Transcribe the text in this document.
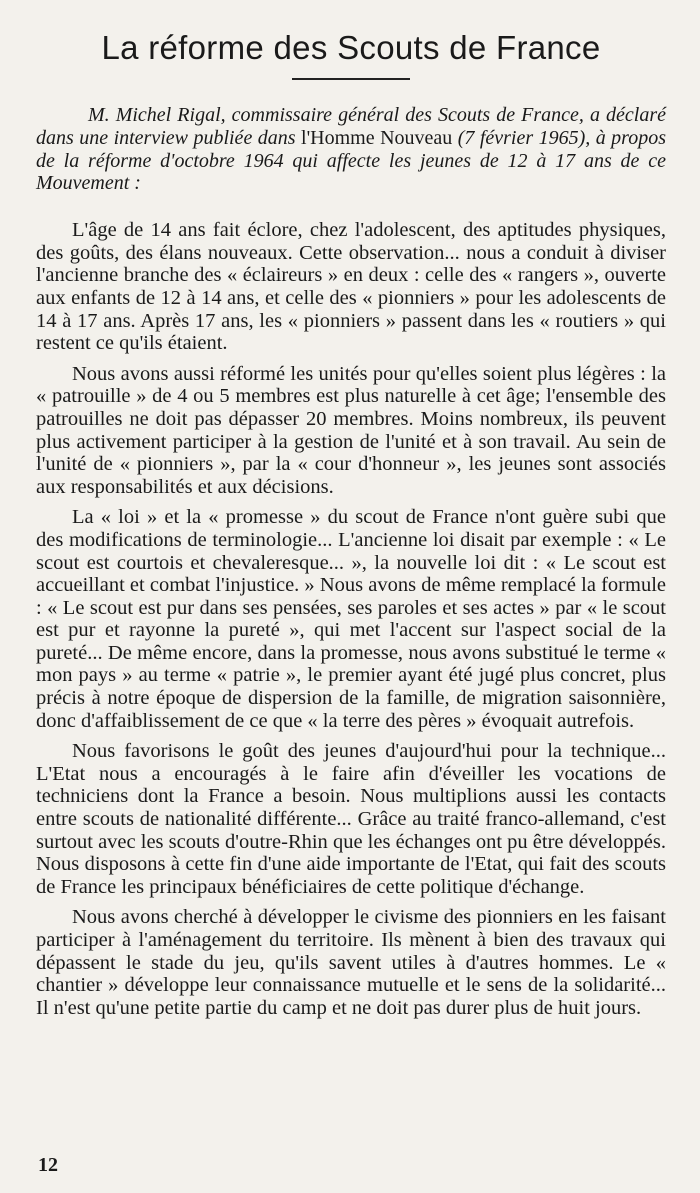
La réforme des Scouts de France

M. Michel Rigal, commissaire général des Scouts de France, a déclaré dans une interview publiée dans l'Homme Nouveau (7 février 1965), à propos de la réforme d'octobre 1964 qui affecte les jeunes de 12 à 17 ans de ce Mouvement :

L'âge de 14 ans fait éclore, chez l'adolescent, des aptitudes physiques, des goûts, des élans nouveaux. Cette observation... nous a conduit à diviser l'ancienne branche des « éclaireurs » en deux : celle des « rangers », ouverte aux enfants de 12 à 14 ans, et celle des « pionniers » pour les adolescents de 14 à 17 ans. Après 17 ans, les « pionniers » passent dans les « routiers » qui restent ce qu'ils étaient.

Nous avons aussi réformé les unités pour qu'elles soient plus légères : la « patrouille » de 4 ou 5 membres est plus naturelle à cet âge; l'ensemble des patrouilles ne doit pas dépasser 20 membres. Moins nombreux, ils peuvent plus activement participer à la gestion de l'unité et à son travail. Au sein de l'unité de « pionniers », par la « cour d'honneur », les jeunes sont associés aux responsabilités et aux décisions.

La « loi » et la « promesse » du scout de France n'ont guère subi que des modifications de terminologie... L'ancienne loi disait par exemple : « Le scout est courtois et chevaleresque... », la nouvelle loi dit : « Le scout est accueillant et combat l'injustice. » Nous avons de même remplacé la formule : « Le scout est pur dans ses pensées, ses paroles et ses actes » par « le scout est pur et rayonne la pureté », qui met l'accent sur l'aspect social de la pureté... De même encore, dans la promesse, nous avons substitué le terme « mon pays » au terme « patrie », le premier ayant été jugé plus concret, plus précis à notre époque de dispersion de la famille, de migration saisonnière, donc d'affaiblissement de ce que « la terre des pères » évoquait autrefois.

Nous favorisons le goût des jeunes d'aujourd'hui pour la technique... L'Etat nous a encouragés à le faire afin d'éveiller les vocations de techniciens dont la France a besoin. Nous multiplions aussi les contacts entre scouts de nationalité différente... Grâce au traité franco-allemand, c'est surtout avec les scouts d'outre-Rhin que les échanges ont pu être développés. Nous disposons à cette fin d'une aide importante de l'Etat, qui fait des scouts de France les principaux bénéficiaires de cette politique d'échange.

Nous avons cherché à développer le civisme des pionniers en les faisant participer à l'aménagement du territoire. Ils mènent à bien des travaux qui dépassent le stade du jeu, qu'ils savent utiles à d'autres hommes. Le « chantier » développe leur connaissance mutuelle et le sens de la solidarité... Il n'est qu'une petite partie du camp et ne doit pas durer plus de huit jours.

12
